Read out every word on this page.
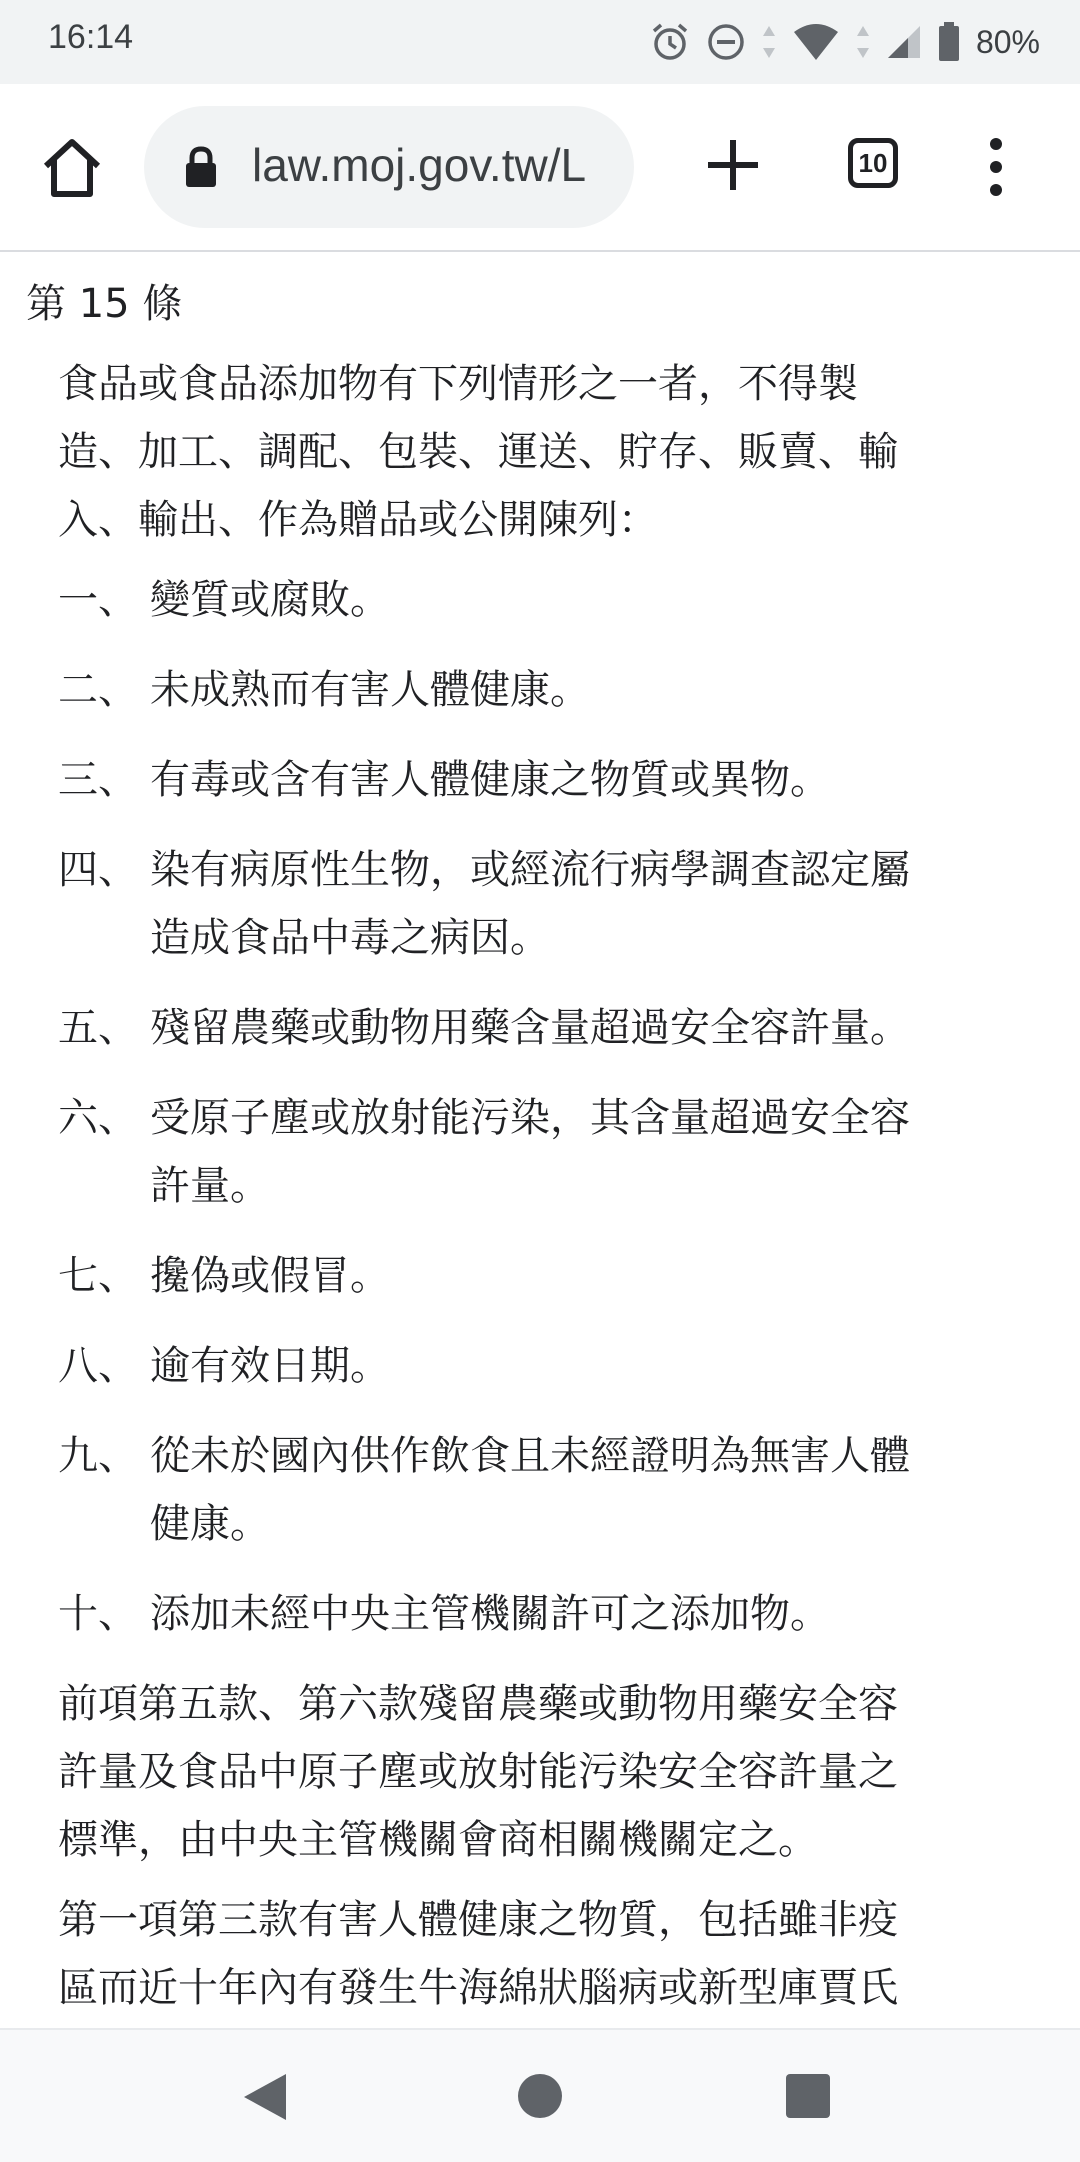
16:14	80%
law.moj.gov.tw/L	10
第 15 條
食品或食品添加物有下列情形之一者，不得製
造、加工、調配、包裝、運送、貯存、販賣、輸
入、輸出、作為贈品或公開陳列：
一、 變質或腐敗。
二、 未成熟而有害人體健康。
三、 有毒或含有害人體健康之物質或異物。
四、 染有病原性生物，或經流行病學調查認定屬
造成食品中毒之病因。
五、 殘留農藥或動物用藥含量超過安全容許量。
六、 受原子塵或放射能污染，其含量超過安全容
許量。
七、 攙偽或假冒。
八、 逾有效日期。
九、 從未於國內供作飲食且未經證明為無害人體
健康。
十、 添加未經中央主管機關許可之添加物。
前項第五款、第六款殘留農藥或動物用藥安全容
許量及食品中原子塵或放射能污染安全容許量之
標準，由中央主管機關會商相關機關定之。
第一項第三款有害人體健康之物質，包括雖非疫
區而近十年內有發生牛海綿狀腦病或新型庫賈氏
